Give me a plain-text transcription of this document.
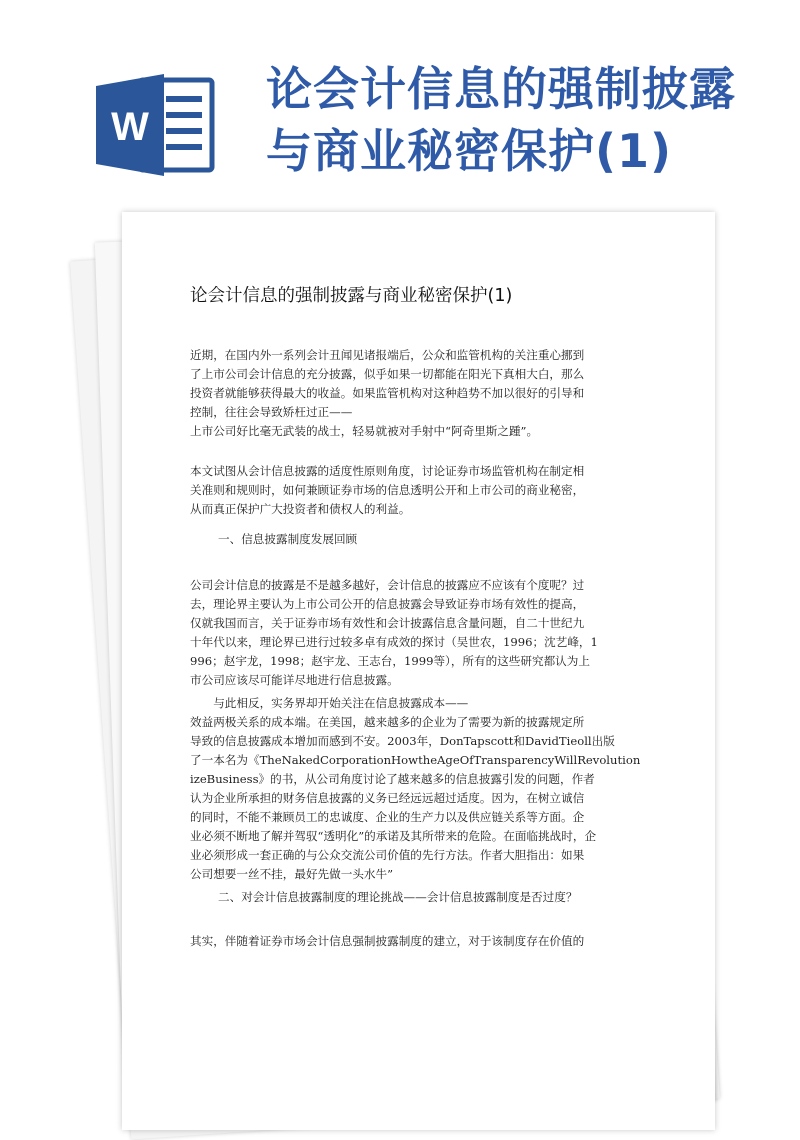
W
论会计信息的强制披露
与商业秘密保护(1)
论会计信息的强制披露与商业秘密保护(1)

近期，在国内外一系列会计丑闻见诸报端后，公众和监管机构的关注重心挪到
了上市公司会计信息的充分披露，似乎如果一切都能在阳光下真相大白，那么
投资者就能够获得最大的收益。如果监管机构对这种趋势不加以很好的引导和
控制，往往会导致矫枉过正——
上市公司好比毫无武装的战士，轻易就被对手射中“阿奇里斯之踵”。

本文试图从会计信息披露的适度性原则角度，讨论证券市场监管机构在制定相
关准则和规则时，如何兼顾证券市场的信息透明公开和上市公司的商业秘密，
从而真正保护广大投资者和债权人的利益。

一、信息披露制度发展回顾

公司会计信息的披露是不是越多越好，会计信息的披露应不应该有个度呢？过
去，理论界主要认为上市公司公开的信息披露会导致证券市场有效性的提高，
仅就我国而言，关于证券市场有效性和会计披露信息含量问题，自二十世纪九
十年代以来，理论界已进行过较多卓有成效的探讨（吴世农，1996；沈艺峰，1
996；赵宇龙，1998；赵宇龙、王志台，1999等），所有的这些研究都认为上
市公司应该尽可能详尽地进行信息披露。

　　与此相反，实务界却开始关注在信息披露成本——
效益两极关系的成本端。在美国，越来越多的企业为了需要为新的披露规定所
导致的信息披露成本增加而感到不安。2003年，DonTapscott和DavidTieoll出版
了一本名为《TheNakedCorporationHowtheAgeOfTransparencyWillRevolution
izeBusiness》的书，从公司角度讨论了越来越多的信息披露引发的问题，作者
认为企业所承担的财务信息披露的义务已经远远超过适度。因为，在树立诚信
的同时，不能不兼顾员工的忠诚度、企业的生产力以及供应链关系等方面。企
业必须不断地了解并驾驭“透明化”的承诺及其所带来的危险。在面临挑战时，企
业必须形成一套正确的与公众交流公司价值的先行方法。作者大胆指出：如果
公司想要一丝不挂，最好先做一头水牛”

二、对会计信息披露制度的理论挑战——会计信息披露制度是否过度？

其实，伴随着证券市场会计信息强制披露制度的建立，对于该制度存在价值的
